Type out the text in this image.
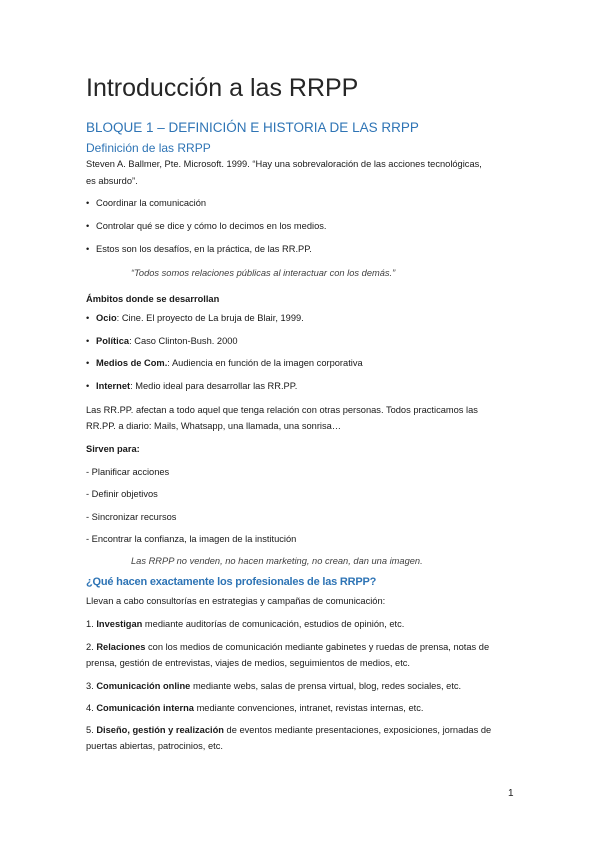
Introducción a las RRPP
BLOQUE 1 – DEFINICIÓN E HISTORIA DE LAS RRPP
Definición de las RRPP
Steven A. Ballmer, Pte. Microsoft. 1999. “Hay una sobrevaloración de las acciones tecnológicas,
es absurdo”.
• Coordinar la comunicación
• Controlar qué se dice y cómo lo decimos en los medios.
• Estos son los desafíos, en la práctica, de las RR.PP.
“Todos somos relaciones públicas al interactuar con los demás.”
Ámbitos donde se desarrollan
• Ocio: Cine. El proyecto de La bruja de Blair, 1999.
• Política: Caso Clinton-Bush. 2000
• Medios de Com.: Audiencia en función de la imagen corporativa
• Internet: Medio ideal para desarrollar las RR.PP.
Las RR.PP. afectan a todo aquel que tenga relación con otras personas. Todos practicamos las
RR.PP. a diario: Mails, Whatsapp, una llamada, una sonrisa…
Sirven para:
- Planificar acciones
- Definir objetivos
- Sincronizar recursos
- Encontrar la confianza, la imagen de la institución
Las RRPP no venden, no hacen marketing, no crean, dan una imagen.
¿Qué hacen exactamente los profesionales de las RRPP?
Llevan a cabo consultorías en estrategias y campañas de comunicación:
1. Investigan mediante auditorías de comunicación, estudios de opinión, etc.
2. Relaciones con los medios de comunicación mediante gabinetes y ruedas de prensa, notas de
prensa, gestión de entrevistas, viajes de medios, seguimientos de medios, etc.
3. Comunicación online mediante webs, salas de prensa virtual, blog, redes sociales, etc.
4. Comunicación interna mediante convenciones, intranet, revistas internas, etc.
5. Diseño, gestión y realización de eventos mediante presentaciones, exposiciones, jornadas de
puertas abiertas, patrocinios, etc.
1
